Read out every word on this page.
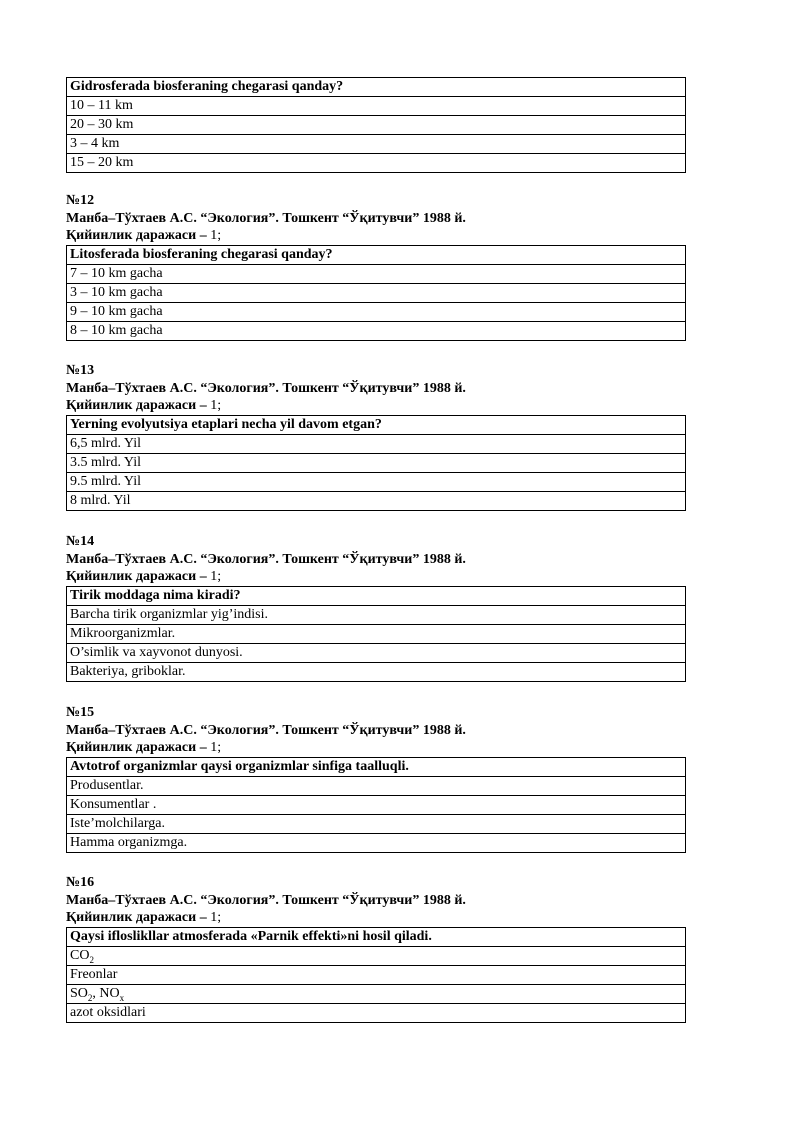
Gidrosferada biosferaning chegarasi qanday?
10 – 11 km
20 – 30 km
3 – 4 km
15 – 20 km
№12
Манба–Тўхтаев А.С. “Экология”. Тошкент “Ўқитувчи” 1988 й.
Қийинлик даражаси – 1;
Litosferada biosferaning chegarasi qanday?
7 – 10 km gacha
3 – 10 km gacha
9 – 10 km gacha
8 – 10 km gacha
№13
Манба–Тўхтаев А.С. “Экология”. Тошкент “Ўқитувчи” 1988 й.
Қийинлик даражаси – 1;
Yerning evolyutsiya etaplari necha yil davom etgan?
6,5 mlrd. Yil
3.5 mlrd. Yil
9.5 mlrd. Yil
8 mlrd. Yil
№14
Манба–Тўхтаев А.С. “Экология”. Тошкент “Ўқитувчи” 1988 й.
Қийинлик даражаси – 1;
Tirik moddaga nima kiradi?
Barcha tirik organizmlar yig’indisi.
Mikroorganizmlar.
O’simlik va xayvonot dunyosi.
Bakteriya, griboklar.
№15
Манба–Тўхтаев А.С. “Экология”. Тошкент “Ўқитувчи” 1988 й.
Қийинлик даражаси – 1;
Avtotrof organizmlar qaysi organizmlar sinfiga taalluqli.
Produsentlar.
Konsumentlar .
Iste’molchilarga.
Hamma organizmga.
№16
Манба–Тўхтаев А.С. “Экология”. Тошкент “Ўқитувчи” 1988 й.
Қийинлик даражаси – 1;
Qaysi ifloslikllar atmosferada «Parnik effekti»ni hosil qiladi.
$CO_2$
Freonlar
$SO_2$, $NO_x$
azot oksidlari
